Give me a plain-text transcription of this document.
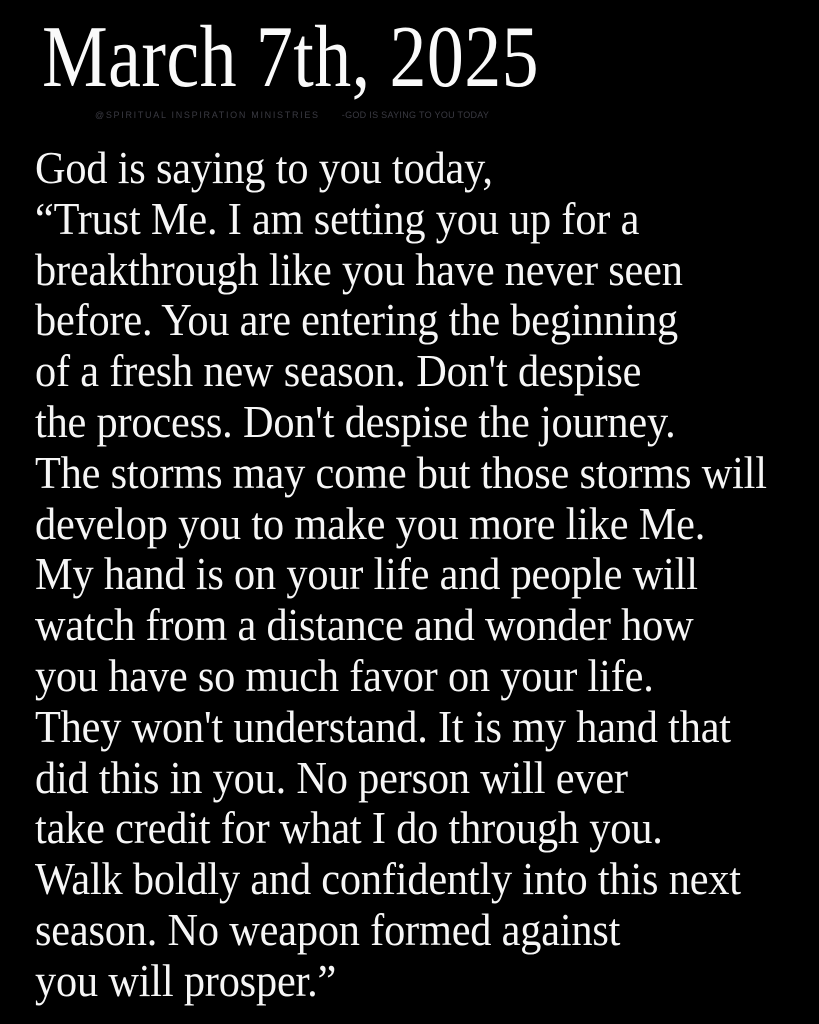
March 7th, 2025
@SPIRITUAL INSPIRATION MINISTRIES -GOD IS SAYING TO YOU TODAY
God is saying to you today,
“Trust Me. I am setting you up for a
breakthrough like you have never seen
before. You are entering the beginning
of a fresh new season. Don't despise
the process. Don't despise the journey.
The storms may come but those storms will
develop you to make you more like Me.
My hand is on your life and people will
watch from a distance and wonder how
you have so much favor on your life.
They won't understand. It is my hand that
did this in you. No person will ever
take credit for what I do through you.
Walk boldly and confidently into this next
season. No weapon formed against
you will prosper.”
